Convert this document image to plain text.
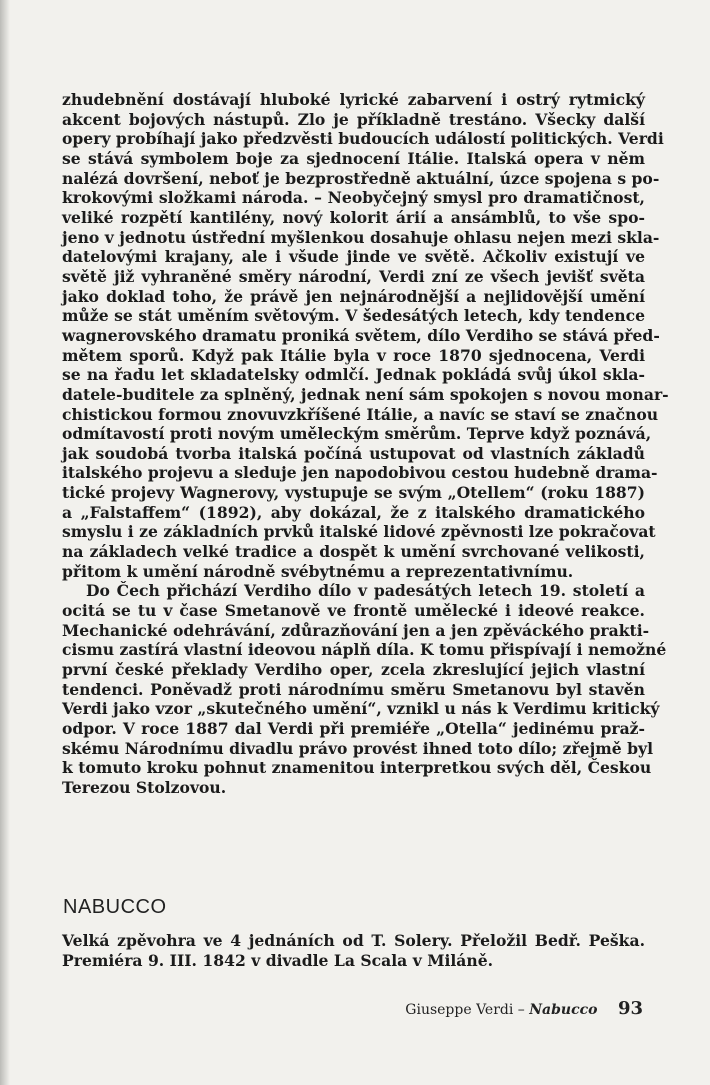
zhudebnění dostávají hluboké lyrické zabarvení i ostrý rytmický
akcent bojových nástupů. Zlo je příkladně trestáno. Všecky další
opery probíhají jako předzvěsti budoucích událostí politických. Verdi
se stává symbolem boje za sjednocení Itálie. Italská opera v něm
nalézá dovršení, neboť je bezprostředně aktuální, úzce spojena s po-
krokovými složkami národa. – Neobyčejný smysl pro dramatičnost,
veliké rozpětí kantilény, nový kolorit árií a ansámblů, to vše spo-
jeno v jednotu ústřední myšlenkou dosahuje ohlasu nejen mezi skla-
datelovými krajany, ale i všude jinde ve světě. Ačkoliv existují ve
světě již vyhraněné směry národní, Verdi zní ze všech jevišť světa
jako doklad toho, že právě jen nejnárodnější a nejlidovější umění
může se stát uměním světovým. V šedesátých letech, kdy tendence
wagnerovského dramatu proniká světem, dílo Verdiho se stává před-
mětem sporů. Když pak Itálie byla v roce 1870 sjednocena, Verdi
se na řadu let skladatelsky odmlčí. Jednak pokládá svůj úkol skla-
datele-buditele za splněný, jednak není sám spokojen s novou monar-
chistickou formou znovuvzkříšené Itálie, a navíc se staví se značnou
odmítavostí proti novým uměleckým směrům. Teprve když poznává,
jak soudobá tvorba italská počíná ustupovat od vlastních základů
italského projevu a sleduje jen napodobivou cestou hudebně drama-
tické projevy Wagnerovy, vystupuje se svým „Otellem“ (roku 1887)
a „Falstaffem“ (1892), aby dokázal, že z italského dramatického
smyslu i ze základních prvků italské lidové zpěvnosti lze pokračovat
na základech velké tradice a dospět k umění svrchované velikosti,
přitom k umění národně svébytnému a reprezentativnímu.
Do Čech přichází Verdiho dílo v padesátých letech 19. století a
ocitá se tu v čase Smetanově ve frontě umělecké i ideové reakce.
Mechanické odehrávání, zdůrazňování jen a jen zpěváckého prakti-
cismu zastírá vlastní ideovou náplň díla. K tomu přispívají i nemožné
první české překlady Verdiho oper, zcela zkreslující jejich vlastní
tendenci. Poněvadž proti národnímu směru Smetanovu byl stavěn
Verdi jako vzor „skutečného umění“, vznikl u nás k Verdimu kritický
odpor. V roce 1887 dal Verdi při premiéře „Otella“ jedinému praž-
skému Národnímu divadlu právo provést ihned toto dílo; zřejmě byl
k tomuto kroku pohnut znamenitou interpretkou svých děl, Českou
Terezou Stolzovou.
NABUCCO
Velká zpěvohra ve 4 jednáních od T. Solery. Přeložil Bedř. Peška.
Premiéra 9. III. 1842 v divadle La Scala v Miláně.
Giuseppe Verdi – Nabucco 93
